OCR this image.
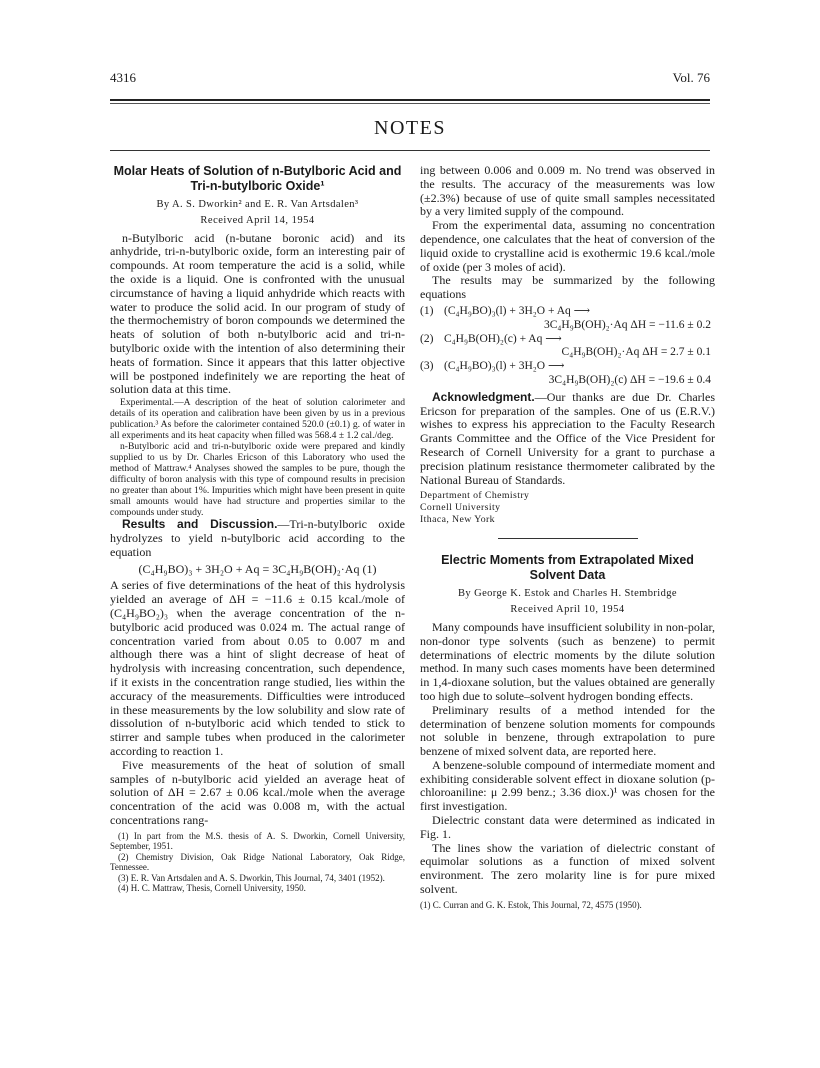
4316	Vol. 76
NOTES
Molar Heats of Solution of n-Butylboric Acid and Tri-n-butylboric Oxide¹
By A. S. Dworkin² and E. R. Van Artsdalen³
Received April 14, 1954

n-Butylboric acid (n-butane boronic acid) and its anhydride, tri-n-butylboric oxide, form an interesting pair of compounds. At room temperature the acid is a solid, while the oxide is a liquid. One is confronted with the unusual circumstance of having a liquid anhydride which reacts with water to produce the solid acid. In our program of study of the thermochemistry of boron compounds we determined the heats of solution of both n-butylboric acid and tri-n-butylboric oxide with the intention of also determining their heats of formation. Since it appears that this latter objective will be postponed indefinitely we are reporting the heat of solution data at this time.

Experimental.—A description of the heat of solution calorimeter and details of its operation and calibration have been given by us in a previous publication.³ As before the calorimeter contained 520.0 (±0.1) g. of water in all experiments and its heat capacity when filled was 568.4 ± 1.2 cal./deg.

n-Butylboric acid and tri-n-butylboric oxide were prepared and kindly supplied to us by Dr. Charles Ericson of this Laboratory who used the method of Mattraw.⁴ Analyses showed the samples to be pure, though the difficulty of boron analysis with this type of compound results in precision no greater than about 1%. Impurities which might have been present in quite small amounts would have had structure and properties similar to the compounds under study.

Results and Discussion.—Tri-n-butylboric oxide hydrolyzes to yield n-butylboric acid according to the equation

(C₄H₉BO)₃ + 3H₂O + Aq = 3C₄H₉B(OH)₂·Aq (1)

A series of five determinations of the heat of this hydrolysis yielded an average of ΔH = −11.6 ± 0.15 kcal./mole of (C₄H₉BO₂)₃ when the average concentration of the n-butylboric acid produced was 0.024 m. The actual range of concentration varied from about 0.05 to 0.007 m and although there was a hint of slight decrease of heat of hydrolysis with increasing concentration, such dependence, if it exists in the concentration range studied, lies within the accuracy of the measurements. Difficulties were introduced in these measurements by the low solubility and slow rate of dissolution of n-butylboric acid which tended to stick to stirrer and sample tubes when produced in the calorimeter according to reaction 1.

Five measurements of the heat of solution of small samples of n-butylboric acid yielded an average heat of solution of ΔH = 2.67 ± 0.06 kcal./mole when the average concentration of the acid was 0.008 m, with the actual concentrations rang-

(1) In part from the M.S. thesis of A. S. Dworkin, Cornell University, September, 1951.
(2) Chemistry Division, Oak Ridge National Laboratory, Oak Ridge, Tennessee.
(3) E. R. Van Artsdalen and A. S. Dworkin, This Journal, 74, 3401 (1952).
(4) H. C. Mattraw, Thesis, Cornell University, 1950.

ing between 0.006 and 0.009 m. No trend was observed in the results. The accuracy of the measurements was low (±2.3%) because of use of quite small samples necessitated by a very limited supply of the compound.

From the experimental data, assuming no concentration dependence, one calculates that the heat of conversion of the liquid oxide to crystalline acid is exothermic 19.6 kcal./mole of oxide (per 3 moles of acid).

The results may be summarized by the following equations

(1) (C₄H₉BO)₃(l) + 3H₂O + Aq ⟶
3C₄H₉B(OH)₂·Aq ΔH = −11.6 ± 0.2
(2) C₄H₉B(OH)₂(c) + Aq ⟶
C₄H₉B(OH)₂·Aq ΔH = 2.7 ± 0.1
(3) (C₄H₉BO)₃(l) + 3H₂O ⟶
3C₄H₉B(OH)₂(c) ΔH = −19.6 ± 0.4

Acknowledgment.—Our thanks are due Dr. Charles Ericson for preparation of the samples. One of us (E.R.V.) wishes to express his appreciation to the Faculty Research Grants Committee and the Office of the Vice President for Research of Cornell University for a grant to purchase a precision platinum resistance thermometer calibrated by the National Bureau of Standards.

Department of Chemistry
Cornell University
Ithaca, New York
Electric Moments from Extrapolated Mixed Solvent Data
By George K. Estok and Charles H. Stembridge
Received April 10, 1954

Many compounds have insufficient solubility in non-polar, non-donor type solvents (such as benzene) to permit determinations of electric moments by the dilute solution method. In many such cases moments have been determined in 1,4-dioxane solution, but the values obtained are generally too high due to solute–solvent hydrogen bonding effects.

Preliminary results of a method intended for the determination of benzene solution moments for compounds not soluble in benzene, through extrapolation to pure benzene of mixed solvent data, are reported here.

A benzene-soluble compound of intermediate moment and exhibiting considerable solvent effect in dioxane solution (p-chloroaniline: μ 2.99 benz.; 3.36 diox.)¹ was chosen for the first investigation.

Dielectric constant data were determined as indicated in Fig. 1.

The lines show the variation of dielectric constant of equimolar solutions as a function of mixed solvent environment. The zero molarity line is for pure mixed solvent.

(1) C. Curran and G. K. Estok, This Journal, 72, 4575 (1950).
